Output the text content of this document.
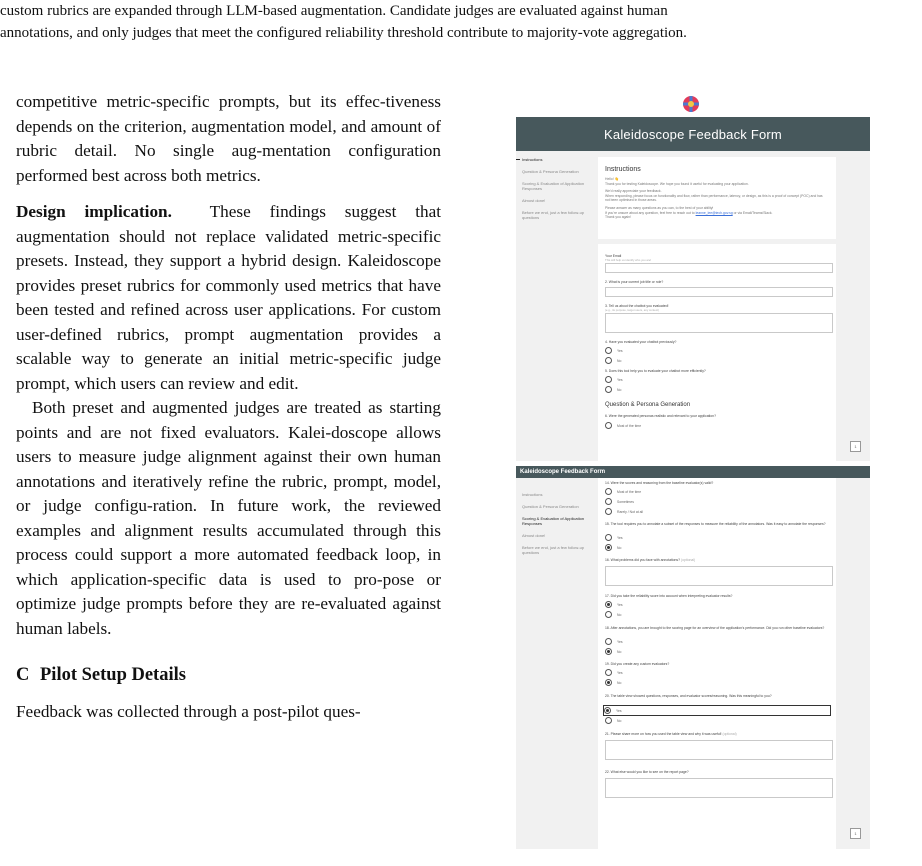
custom rubrics are expanded through LLM-based augmentation. Candidate judges are evaluated against human

annotations, and only judges that meet the configured reliability threshold contribute to majority-vote aggregation.

competitive metric-specific prompts, but its effec-tiveness depends on the criterion, augmentation model, and amount of rubric detail. No single aug-mentation configuration performed best across both metrics.

Design implication. These findings suggest that augmentation should not replace validated metric-specific presets. Instead, they support a hybrid design. Kaleidoscope provides preset rubrics for commonly used metrics that have been tested and refined across user applications. For custom user-defined rubrics, prompt augmentation provides a scalable way to generate an initial metric-specific judge prompt, which users can review and edit.

Both preset and augmented judges are treated as starting points and are not fixed evaluators. Kalei-doscope allows users to measure judge alignment against their own human annotations and iteratively refine the rubric, prompt, model, or judge configu-ration. In future work, the reviewed examples and alignment results accumulated through this process could support a more automated feedback loop, in which application-specific data is used to pro-pose or optimize judge prompts before they are re-evaluated against human labels.

C Pilot Setup Details

Feedback was collected through a post-pilot ques-

Kaleidoscope Feedback Form
Instructions
Question & Persona Generation
Scoring & Evaluation of Application Responses
Almost done!
Before we end, just a few follow-up questions
Instructions
Hello! 👋
Thank you for testing Kaleidoscope. We hope you found it useful for evaluating your application.
We'd really appreciate your feedback.
When responding, please focus on functionality and flow, rather than performance, latency, or design, as this is a proof of concept (POC) and has not been optimised in those areas.
Please answer as many questions as you can, to the best of your ability!
If you're unsure about any question, feel free to reach out to leanne_lee@tech.gov.sg or via Email/Teams/Slack.
Thank you again!
Your Email
This will help us identify who you are!
2. What is your current job title or role?
3. Tell us about the chatbot you evaluated!
(e.g., its purpose, target users, any context)
4. Have you evaluated your chatbot previously?
Yes
No
5. Does this tool help you to evaluate your chatbot more efficiently?
Yes
No
Question & Persona Generation
6. Were the generated personas realistic and relevant to your application?
Most of the time
1
Kaleidoscope Feedback Form
Instructions
Question & Persona Generation
Scoring & Evaluation of Application Responses
Almost done!
Before we end, just a few follow-up questions
14. Were the scores and reasoning from the baseline evaluator(s) valid?
Most of the time
Sometimes
Rarely / Not at all
15. The tool requires you to annotate a subset of the responses to measure the reliability of the annotators. Was it easy to annotate the responses?
Yes
No
16. What problems did you face with annotations? (optional)
17. Did you take the reliability score into account when interpreting evaluator results?
Yes
No
18. After annotations, you are brought to the scoring page for an overview of the application's performance. Did you run other baseline evaluators?
Yes
No
19. Did you create any custom evaluators?
Yes
No
20. The table view showed questions, responses, and evaluator scores/reasoning. Was this meaningful to you?
Yes
No
21. Please share more on how you used the table view and why it was useful! (optional)
22. What else would you like to see on the report page?
1
